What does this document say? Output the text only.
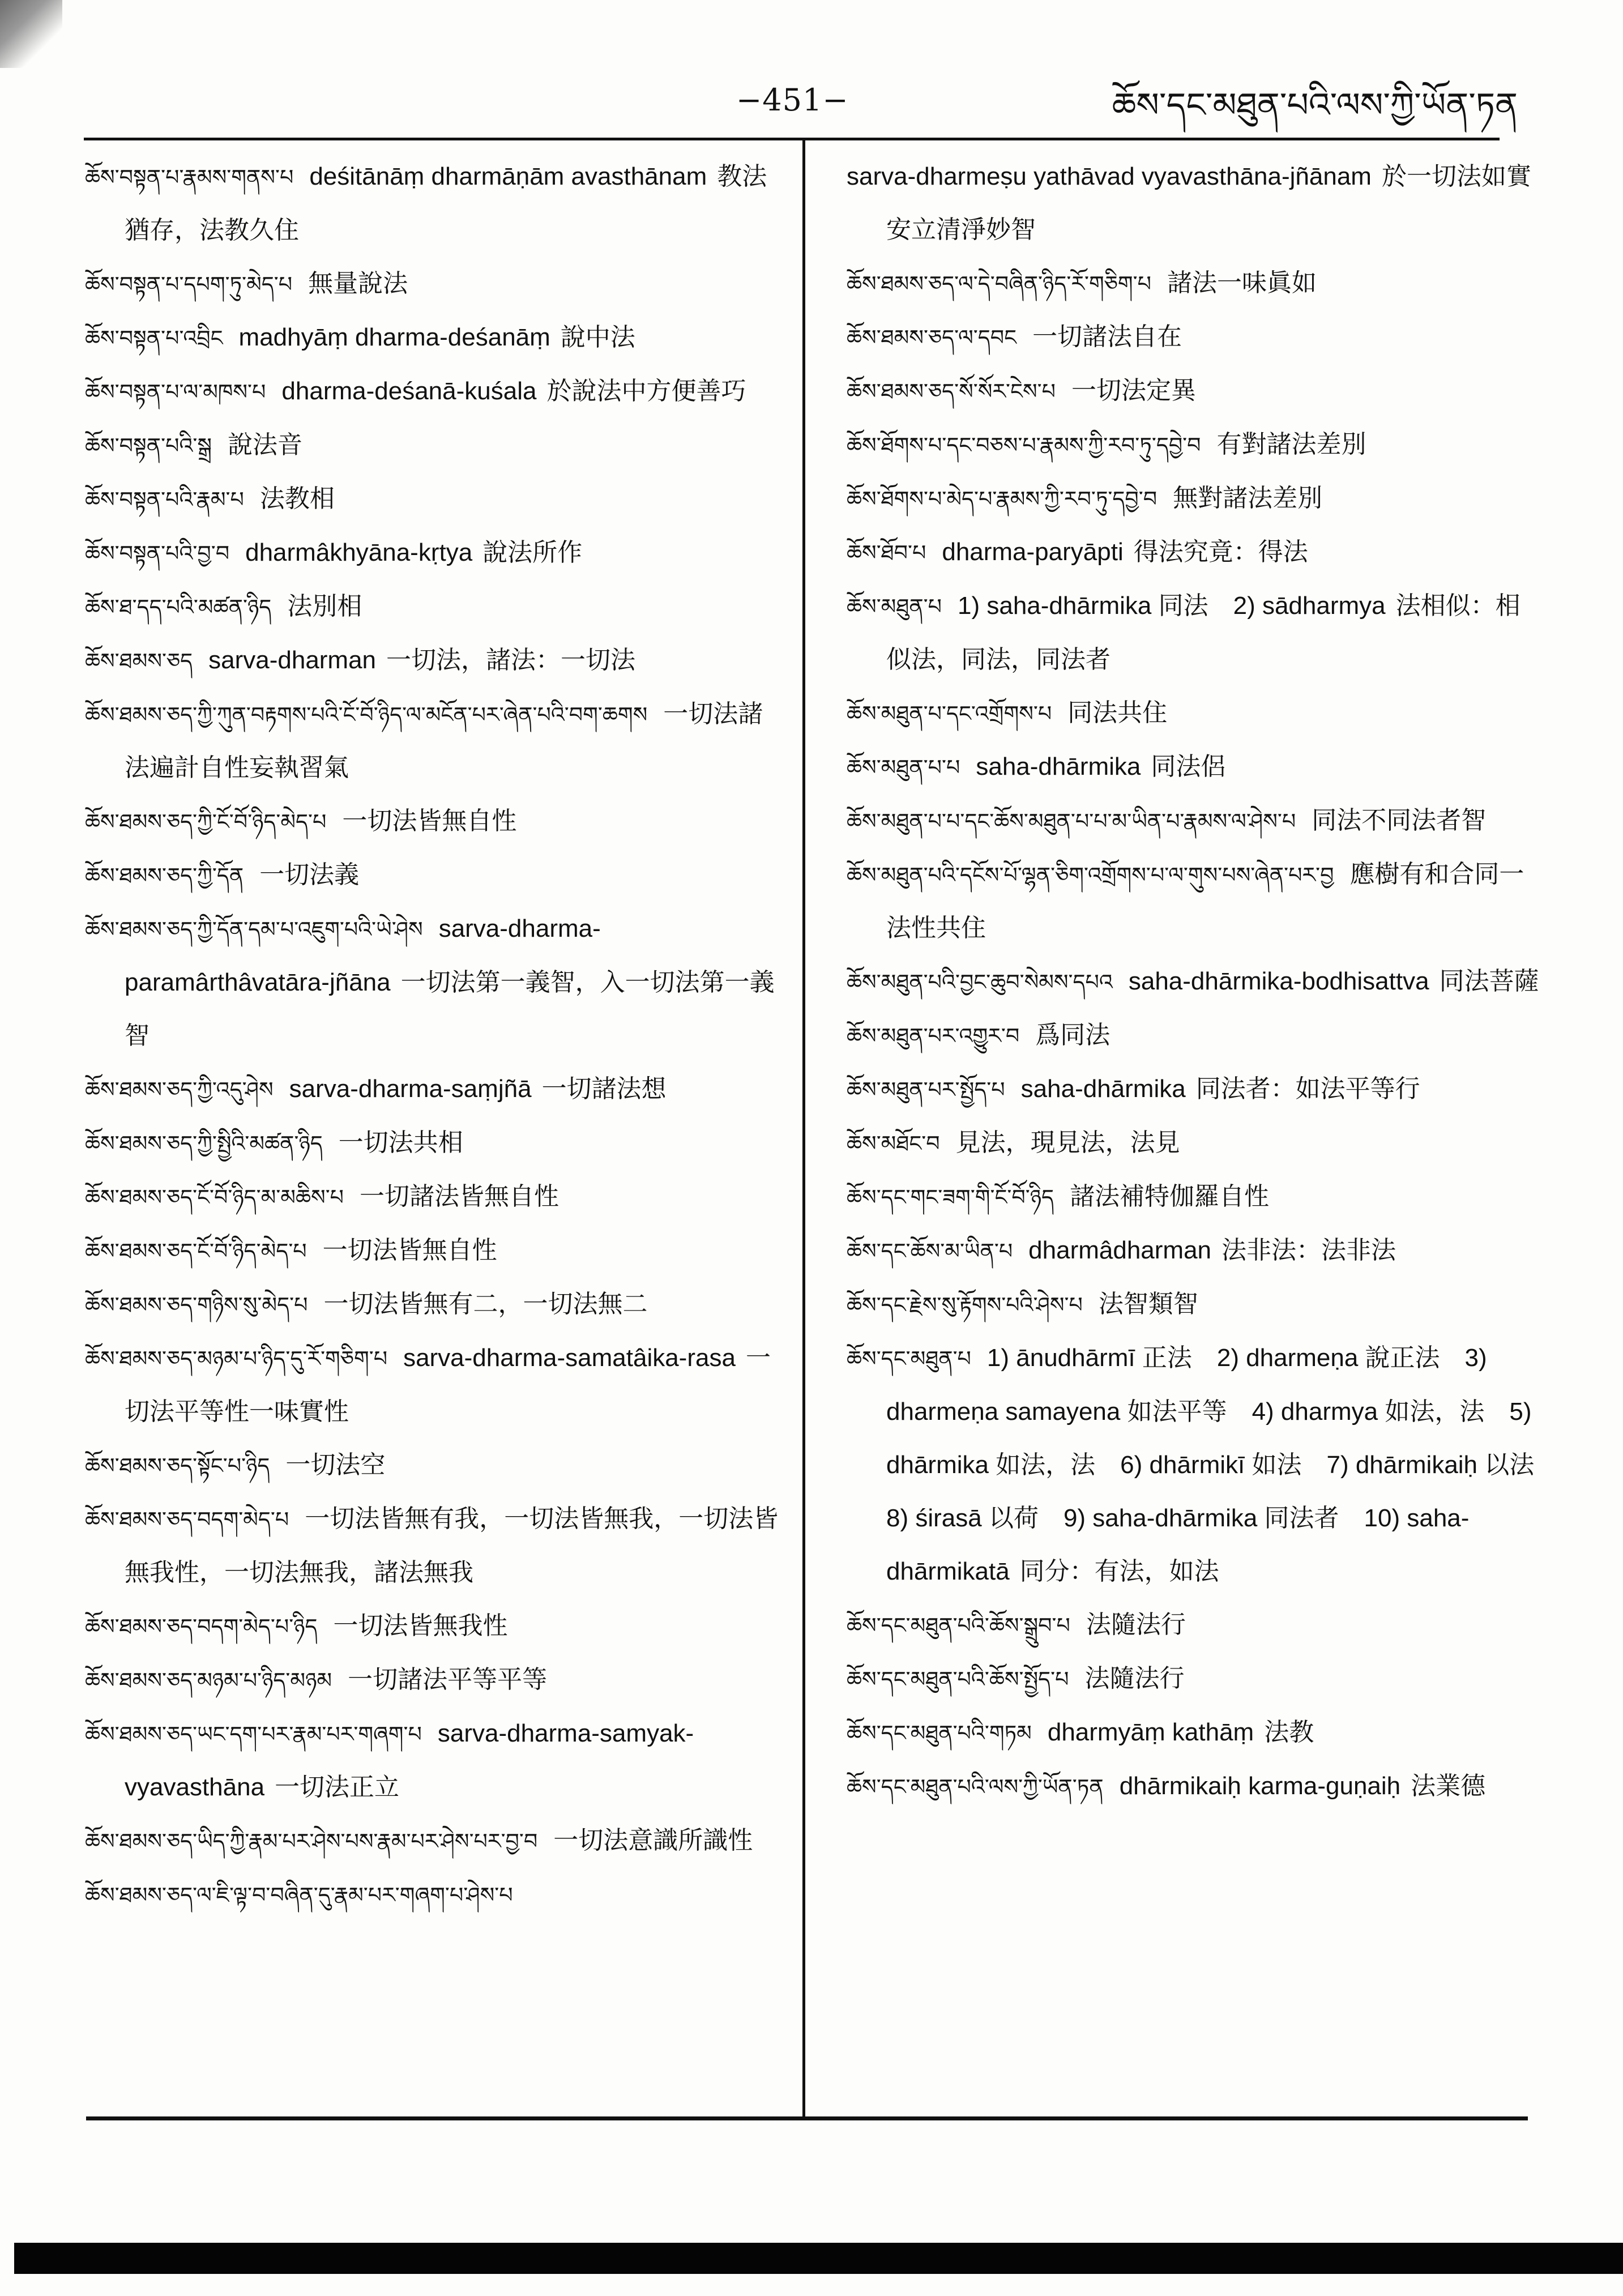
−451−	ཆོས་དང་མཐུན་པའི་ལས་ཀྱི་ཡོན་ཏན
ཆོས་བསྟན་པ་རྣམས་གནས་པ deśitānāṃ dharmāṇām avasthānam 教法猶存，法教久住
ཆོས་བསྟན་པ་དཔག་ཏུ་མེད་པ 無量說法
ཆོས་བསྟན་པ་འབྲིང madhyāṃ dharma-deśanāṃ 說中法
ཆོས་བསྟན་པ་ལ་མཁས་པ dharma-deśanā-kuśala 於說法中方便善巧
ཆོས་བསྟན་པའི་སྒྲ 說法音
ཆོས་བསྟན་པའི་རྣམ་པ 法教相
ཆོས་བསྟན་པའི་བྱ་བ dharmâkhyāna-kṛtya 說法所作
ཆོས་ཐ་དད་པའི་མཚན་ཉིད 法別相
ཆོས་ཐམས་ཅད sarva-dharman 一切法，諸法：一切法
ཆོས་ཐམས་ཅད་ཀྱི་ཀུན་བརྟགས་པའི་ངོ་བོ་ཉིད་ལ་མངོན་པར་ཞེན་པའི་བག་ཆགས 一切法諸法遍計自性妄執習氣
ཆོས་ཐམས་ཅད་ཀྱི་ངོ་བོ་ཉིད་མེད་པ 一切法皆無自性
ཆོས་ཐམས་ཅད་ཀྱི་དོན 一切法義
ཆོས་ཐམས་ཅད་ཀྱི་དོན་དམ་པ་འཇུག་པའི་ཡེ་ཤེས sarva-dharma-paramârthâvatāra-jñāna 一切法第一義智，入一切法第一義智
ཆོས་ཐམས་ཅད་ཀྱི་འདུ་ཤེས sarva-dharma-saṃjñā 一切諸法想
ཆོས་ཐམས་ཅད་ཀྱི་སྤྱིའི་མཚན་ཉིད 一切法共相
ཆོས་ཐམས་ཅད་ངོ་བོ་ཉིད་མ་མཆིས་པ 一切諸法皆無自性
ཆོས་ཐམས་ཅད་ངོ་བོ་ཉིད་མེད་པ 一切法皆無自性
ཆོས་ཐམས་ཅད་གཉིས་སུ་མེད་པ 一切法皆無有二，一切法無二
ཆོས་ཐམས་ཅད་མཉམ་པ་ཉིད་དུ་རོ་གཅིག་པ sarva-dharma-samatâika-rasa 一切法平等性一味實性
ཆོས་ཐམས་ཅད་སྟོང་པ་ཉིད 一切法空
ཆོས་ཐམས་ཅད་བདག་མེད་པ 一切法皆無有我，一切法皆無我，一切法皆無我性，一切法無我，諸法無我
ཆོས་ཐམས་ཅད་བདག་མེད་པ་ཉིད 一切法皆無我性
ཆོས་ཐམས་ཅད་མཉམ་པ་ཉིད་མཉམ 一切諸法平等平等
ཆོས་ཐམས་ཅད་ཡང་དག་པར་རྣམ་པར་གཞག་པ sarva-dharma-samyak-vyavasthāna 一切法正立
ཆོས་ཐམས་ཅད་ཡིད་ཀྱི་རྣམ་པར་ཤེས་པས་རྣམ་པར་ཤེས་པར་བྱ་བ 一切法意識所識性
ཆོས་ཐམས་ཅད་ལ་ཇི་ལྟ་བ་བཞིན་དུ་རྣམ་པར་གཞག་པ་ཤེས་པ
sarva-dharmeṣu yathāvad vyavasthāna-jñānam 於一切法如實安立清淨妙智
ཆོས་ཐམས་ཅད་ལ་དེ་བཞིན་ཉིད་རོ་གཅིག་པ 諸法一味眞如
ཆོས་ཐམས་ཅད་ལ་དབང 一切諸法自在
ཆོས་ཐམས་ཅད་སོ་སོར་ངེས་པ 一切法定異
ཆོས་ཐོགས་པ་དང་བཅས་པ་རྣམས་ཀྱི་རབ་ཏུ་དབྱེ་བ 有對諸法差別
ཆོས་ཐོགས་པ་མེད་པ་རྣམས་ཀྱི་རབ་ཏུ་དབྱེ་བ 無對諸法差別
ཆོས་ཐོབ་པ dharma-paryāpti 得法究竟：得法
ཆོས་མཐུན་པ 1) saha-dhārmika 同法　2) sādharmya 法相似：相似法，同法，同法者
ཆོས་མཐུན་པ་དང་འགྲོགས་པ 同法共住
ཆོས་མཐུན་པ་པ saha-dhārmika 同法侶
ཆོས་མཐུན་པ་པ་དང་ཆོས་མཐུན་པ་པ་མ་ཡིན་པ་རྣམས་ལ་ཤེས་པ 同法不同法者智
ཆོས་མཐུན་པའི་དངོས་པོ་ལྷན་ཅིག་འགྲོགས་པ་ལ་གུས་པས་ཞེན་པར་བྱ 應樹有和合同一法性共住
ཆོས་མཐུན་པའི་བྱང་ཆུབ་སེམས་དཔའ saha-dhārmika-bodhisattva 同法菩薩
ཆོས་མཐུན་པར་འགྱུར་བ 爲同法
ཆོས་མཐུན་པར་སྤྱོད་པ saha-dhārmika 同法者：如法平等行
ཆོས་མཐོང་བ 見法，現見法，法見
ཆོས་དང་གང་ཟག་གི་ངོ་བོ་ཉིད 諸法補特伽羅自性
ཆོས་དང་ཆོས་མ་ཡིན་པ dharmâdharman 法非法：法非法
ཆོས་དང་རྗེས་སུ་རྟོགས་པའི་ཤེས་པ 法智類智
ཆོས་དང་མཐུན་པ 1) ānudhārmī 正法　2) dharmeṇa 說正法　3) dharmeṇa samayena 如法平等　4) dharmya 如法，法　5) dhārmika 如法，法　6) dhārmikī 如法　7) dhārmikaiḥ 以法　8) śirasā 以荷　9) saha-dhārmika 同法者　10) saha-dhārmikatā 同分：有法，如法
ཆོས་དང་མཐུན་པའི་ཆོས་སྒྲུབ་པ 法隨法行
ཆོས་དང་མཐུན་པའི་ཆོས་སྤྱོད་པ 法隨法行
ཆོས་དང་མཐུན་པའི་གཏམ dharmyāṃ kathāṃ 法教
ཆོས་དང་མཐུན་པའི་ལས་ཀྱི་ཡོན་ཏན dhārmikaiḥ karma-guṇaiḥ 法業德
